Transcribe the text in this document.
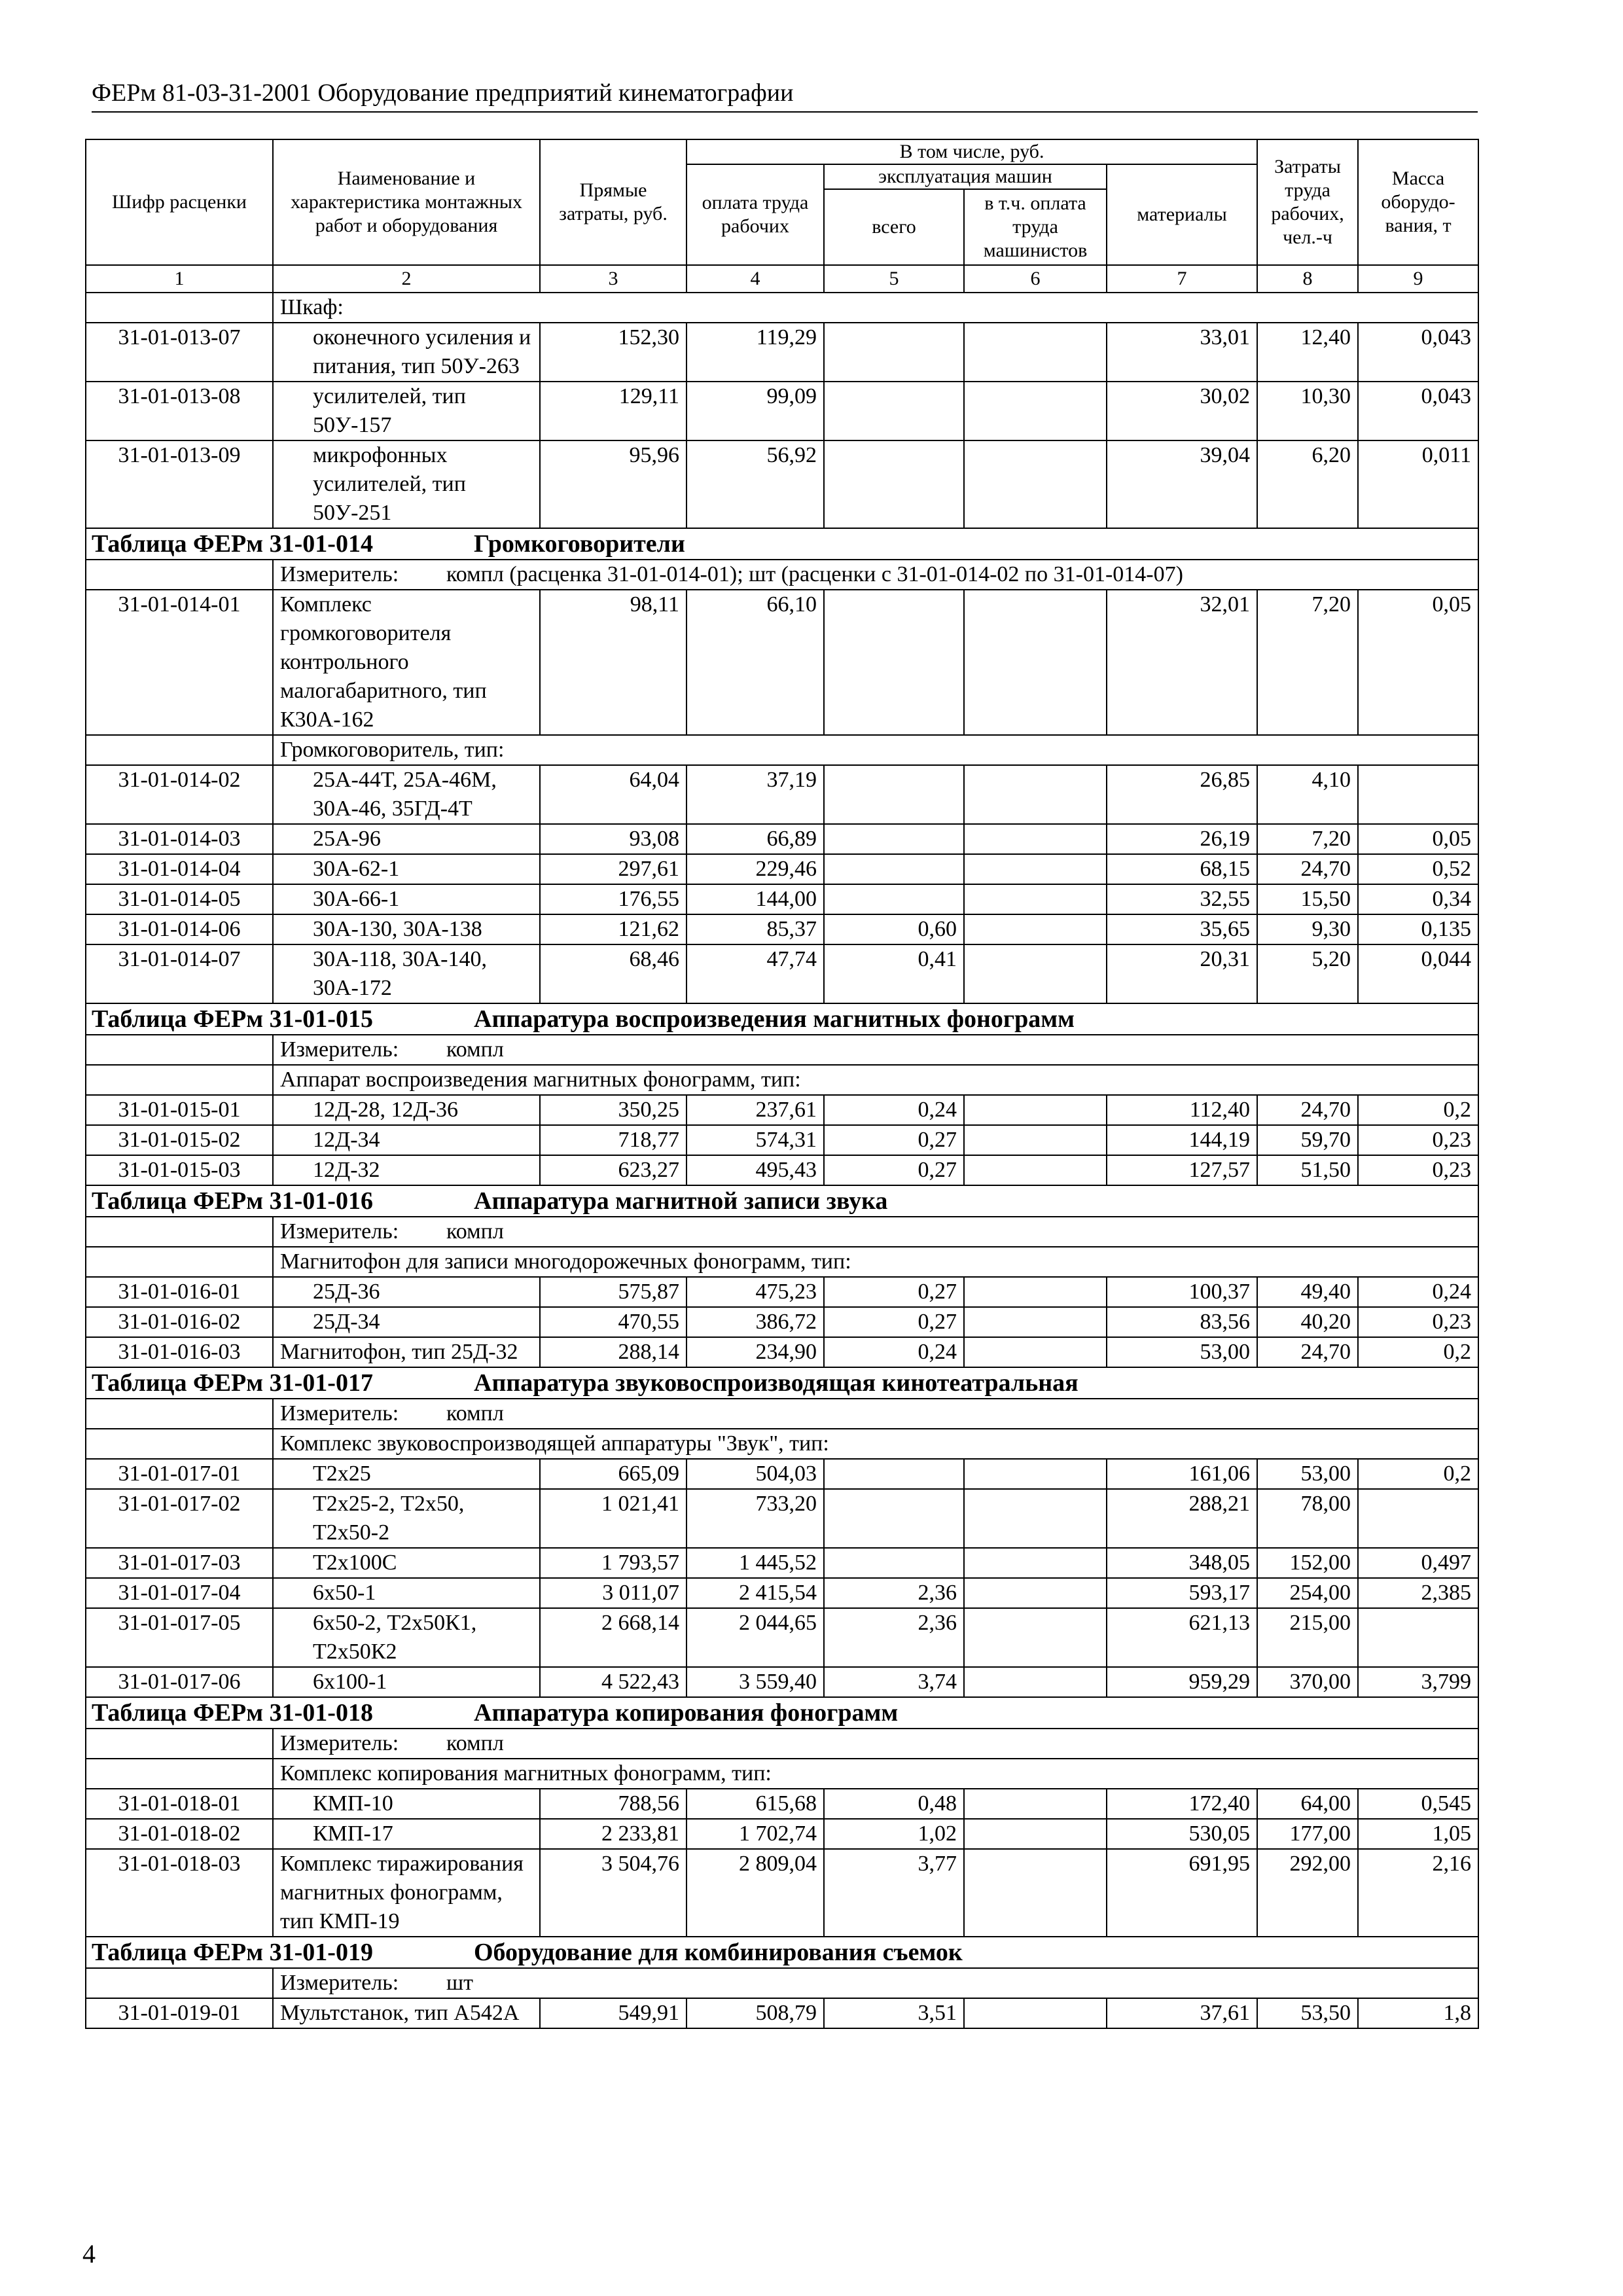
ФЕРм 81-03-31-2001 Оборудование предприятий кинематографии
Шифр расценки	Наименование и характеристика монтажных работ и оборудования	Прямые затраты, руб.	В том числе, руб.				Затраты труда рабочих, чел.-ч	Масса оборудо-вания, т
			оплата труда рабочих	эксплуатация машин		материалы		
				всего	в т.ч. оплата труда машинистов			
1	2	3	4	5	6	7	8	9
	Шкаф:							
31-01-013-07	оконечного усиления и питания, тип 50У-263	152,30	119,29			33,01	12,40	0,043
31-01-013-08	усилителей, тип 50У-157	129,11	99,09			30,02	10,30	0,043
31-01-013-09	микрофонных усилителей, тип 50У-251	95,96	56,92			39,04	6,20	0,011
Таблица ФЕРм 31-01-014 Громкоговорители								
	Измеритель: компл (расценка 31-01-014-01); шт (расценки с 31-01-014-02 по 31-01-014-07)							
31-01-014-01	Комплекс громкоговорителя контрольного малогабаритного, тип К30А-162	98,11	66,10			32,01	7,20	0,05
	Громкоговоритель, тип:							
31-01-014-02	25А-44Т, 25А-46М, 30А-46, 35ГД-4Т	64,04	37,19			26,85	4,10	
31-01-014-03	25А-96	93,08	66,89			26,19	7,20	0,05
31-01-014-04	30А-62-1	297,61	229,46			68,15	24,70	0,52
31-01-014-05	30А-66-1	176,55	144,00			32,55	15,50	0,34
31-01-014-06	30А-130, 30А-138	121,62	85,37	0,60		35,65	9,30	0,135
31-01-014-07	30А-118, 30А-140, 30А-172	68,46	47,74	0,41		20,31	5,20	0,044
Таблица ФЕРм 31-01-015 Аппаратура воспроизведения магнитных фонограмм								
	Измеритель: компл							
	Аппарат воспроизведения магнитных фонограмм, тип:							
31-01-015-01	12Д-28, 12Д-36	350,25	237,61	0,24		112,40	24,70	0,2
31-01-015-02	12Д-34	718,77	574,31	0,27		144,19	59,70	0,23
31-01-015-03	12Д-32	623,27	495,43	0,27		127,57	51,50	0,23
Таблица ФЕРм 31-01-016 Аппаратура магнитной записи звука								
	Измеритель: компл							
	Магнитофон для записи многодорожечных фонограмм, тип:							
31-01-016-01	25Д-36	575,87	475,23	0,27		100,37	49,40	0,24
31-01-016-02	25Д-34	470,55	386,72	0,27		83,56	40,20	0,23
31-01-016-03	Магнитофон, тип 25Д-32	288,14	234,90	0,24		53,00	24,70	0,2
Таблица ФЕРм 31-01-017 Аппаратура звуковоспроизводящая кинотеатральная								
	Измеритель: компл							
	Комплекс звуковоспроизводящей аппаратуры "Звук", тип:							
31-01-017-01	Т2х25	665,09	504,03			161,06	53,00	0,2
31-01-017-02	Т2х25-2, Т2х50, Т2х50-2	1 021,41	733,20			288,21	78,00	
31-01-017-03	Т2х100С	1 793,57	1 445,52			348,05	152,00	0,497
31-01-017-04	6х50-1	3 011,07	2 415,54	2,36		593,17	254,00	2,385
31-01-017-05	6х50-2, Т2х50К1, Т2х50К2	2 668,14	2 044,65	2,36		621,13	215,00	
31-01-017-06	6х100-1	4 522,43	3 559,40	3,74		959,29	370,00	3,799
Таблица ФЕРм 31-01-018 Аппаратура копирования фонограмм								
	Измеритель: компл							
	Комплекс копирования магнитных фонограмм, тип:							
31-01-018-01	КМП-10	788,56	615,68	0,48		172,40	64,00	0,545
31-01-018-02	КМП-17	2 233,81	1 702,74	1,02		530,05	177,00	1,05
31-01-018-03	Комплекс тиражирования магнитных фонограмм, тип КМП-19	3 504,76	2 809,04	3,77		691,95	292,00	2,16
Таблица ФЕРм 31-01-019 Оборудование для комбинирования съемок								
	Измеритель: шт							
31-01-019-01	Мультстанок, тип А542А	549,91	508,79	3,51		37,61	53,50	1,8
4
